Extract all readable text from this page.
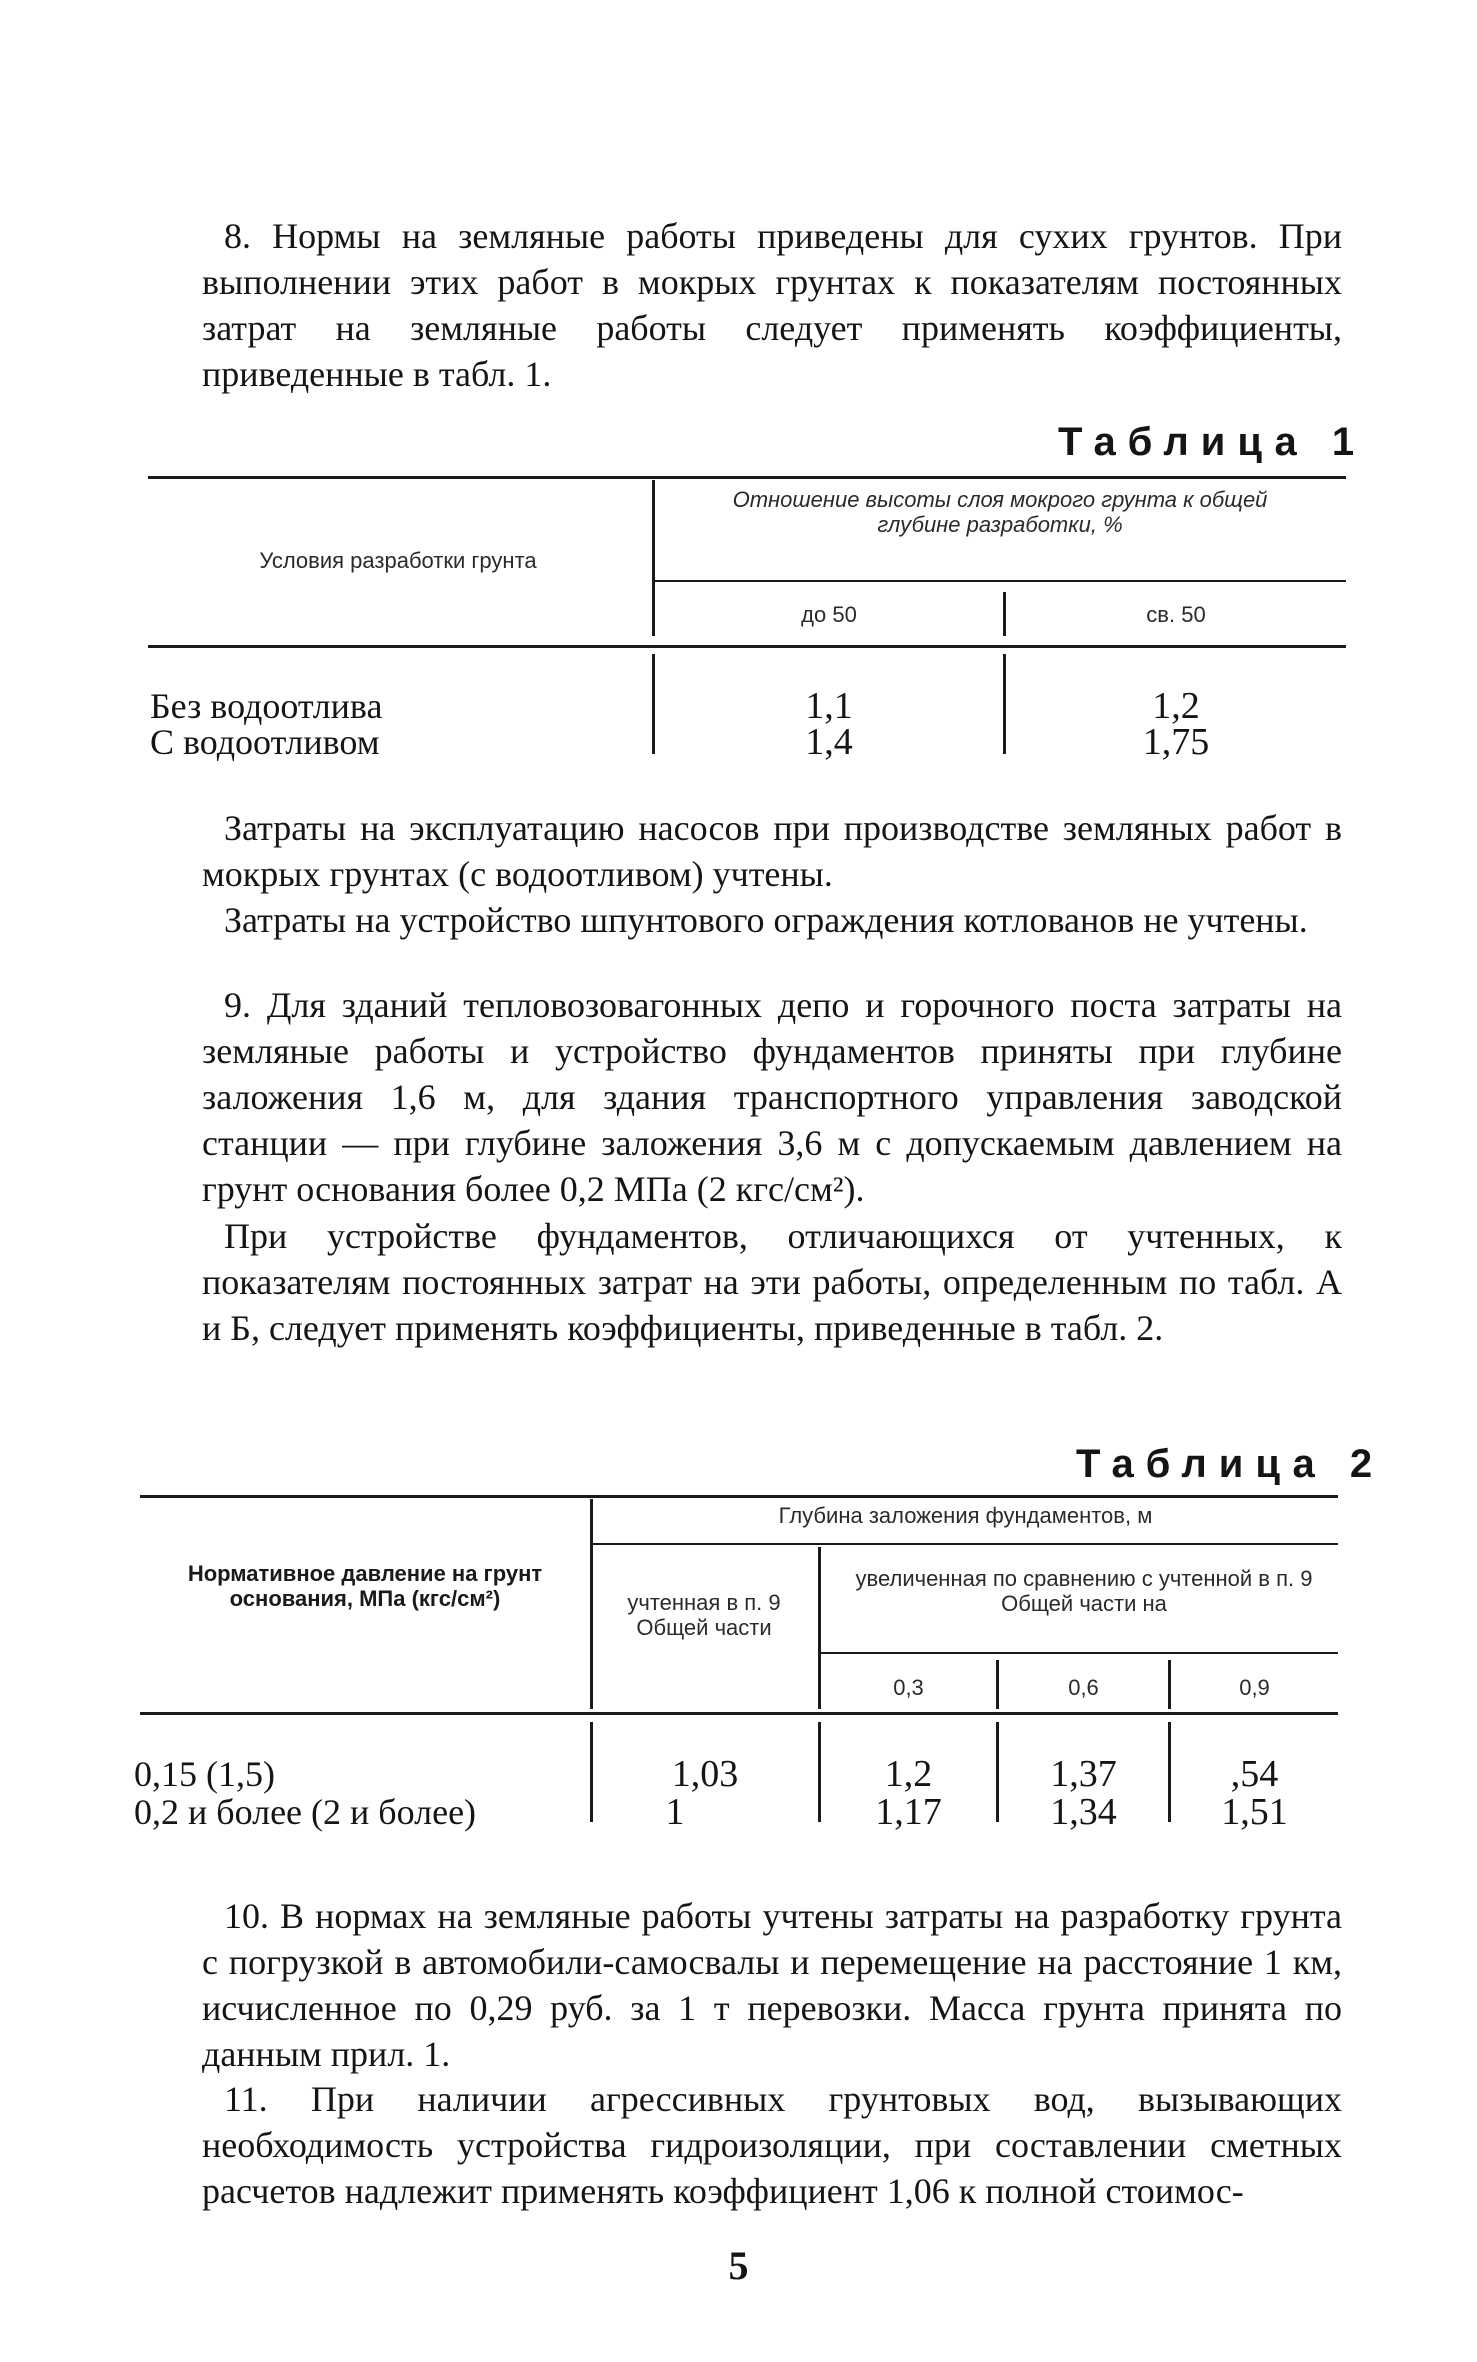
8. Нормы на земляные работы приведены для сухих грунтов. При выполнении этих работ в мокрых грунтах к показателям постоянных затрат на земляные работы следует применять коэффициенты, приведенные в табл. 1.

Таблица 1

Условия разработки грунта

Отношение высоты слоя мокрого грунта к общей глубине разработки, %

до 50	св. 50

Без водоотлива	1,1	1,2

С водоотливом	1,4	1,75

Затраты на эксплуатацию насосов при производстве земляных работ в мокрых грунтах (с водоотливом) учтены.

Затраты на устройство шпунтового ограждения котлованов не учтены.

9. Для зданий тепловозовагонных депо и горочного поста затраты на земляные работы и устройство фундаментов приняты при глубине заложения 1,6 м, для здания транспортного управления заводской станции — при глубине заложения 3,6 м с допускаемым давлением на грунт основания более 0,2 МПа (2 кгс/см²).

При устройстве фундаментов, отличающихся от учтенных, к показателям постоянных затрат на эти работы, определенным по табл. А и Б, следует применять коэффициенты, приведенные в табл. 2.

Таблица 2

Нормативное давление на грунт основания, МПа (кгс/см²)

Глубина заложения фундаментов, м

учтенная в п. 9 Общей части

увеличенная по сравнению с учтенной в п. 9 Общей части на

0,3	0,6	0,9

0,15 (1,5)	1,03	1,2	1,37	,54

0,2 и более (2 и более)	1	1,17	1,34	1,51

10. В нормах на земляные работы учтены затраты на разработку грунта с погрузкой в автомобили-самосвалы и перемещение на расстояние 1 км, исчисленное по 0,29 руб. за 1 т перевозки. Масса грунта принята по данным прил. 1.

11. При наличии агрессивных грунтовых вод, вызывающих необходимость устройства гидроизоляции, при составлении сметных расчетов надлежит применять коэффициент 1,06 к полной стоимос-

5
